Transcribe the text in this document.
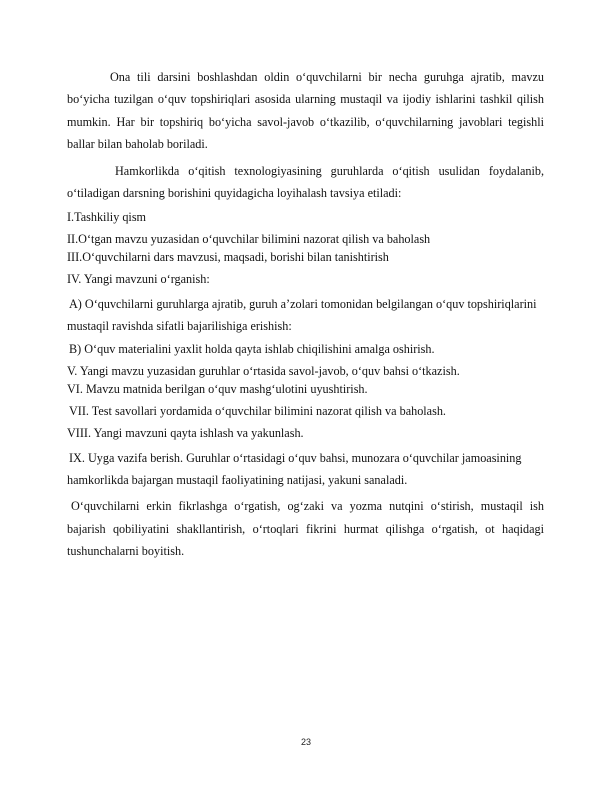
Ona tili darsini boshlashdan oldin o‘quvchilarni bir necha guruhga ajratib, mavzu bo‘yicha tuzilgan o‘quv topshiriqlari asosida ularning mustaqil va ijodiy ishlarini tashkil qilish mumkin. Har bir topshiriq bo‘yicha savol-javob o‘tkazilib, o‘quvchilarning javoblari tegishli ballar bilan baholab boriladi.

Hamkorlikda o‘qitish texnologiyasining guruhlarda o‘qitish usulidan foydalanib, o‘tiladigan darsning borishini quyidagicha loyihalash tavsiya etiladi:

I.Tashkiliy qism

II.O‘tgan mavzu yuzasidan o‘quvchilar bilimini nazorat qilish va baholash

III.O‘quvchilarni dars mavzusi, maqsadi, borishi bilan tanishtirish

IV. Yangi mavzuni o‘rganish:

A) O‘quvchilarni guruhlarga ajratib, guruh a’zolari tomonidan belgilangan o‘quv topshiriqlarini mustaqil ravishda sifatli bajarilishiga erishish:

B) O‘quv materialini yaxlit holda qayta ishlab chiqilishini amalga oshirish.

V. Yangi mavzu yuzasidan guruhlar o‘rtasida savol-javob, o‘quv bahsi o‘tkazish.

VI. Mavzu matnida berilgan o‘quv mashg‘ulotini uyushtirish.

VII. Test savollari yordamida o‘quvchilar bilimini nazorat qilish va baholash.

VIII. Yangi mavzuni qayta ishlash va yakunlash.

IX. Uyga vazifa berish. Guruhlar o‘rtasidagi o‘quv bahsi, munozara o‘quvchilar jamoasining hamkorlikda bajargan mustaqil faoliyatining natijasi, yakuni sanaladi.

O‘quvchilarni erkin fikrlashga o‘rgatish, og‘zaki va yozma nutqini o‘stirish, mustaqil ish bajarish qobiliyatini shakllantirish, o‘rtoqlari fikrini hurmat qilishga o‘rgatish, ot haqidagi tushunchalarni boyitish.

23
